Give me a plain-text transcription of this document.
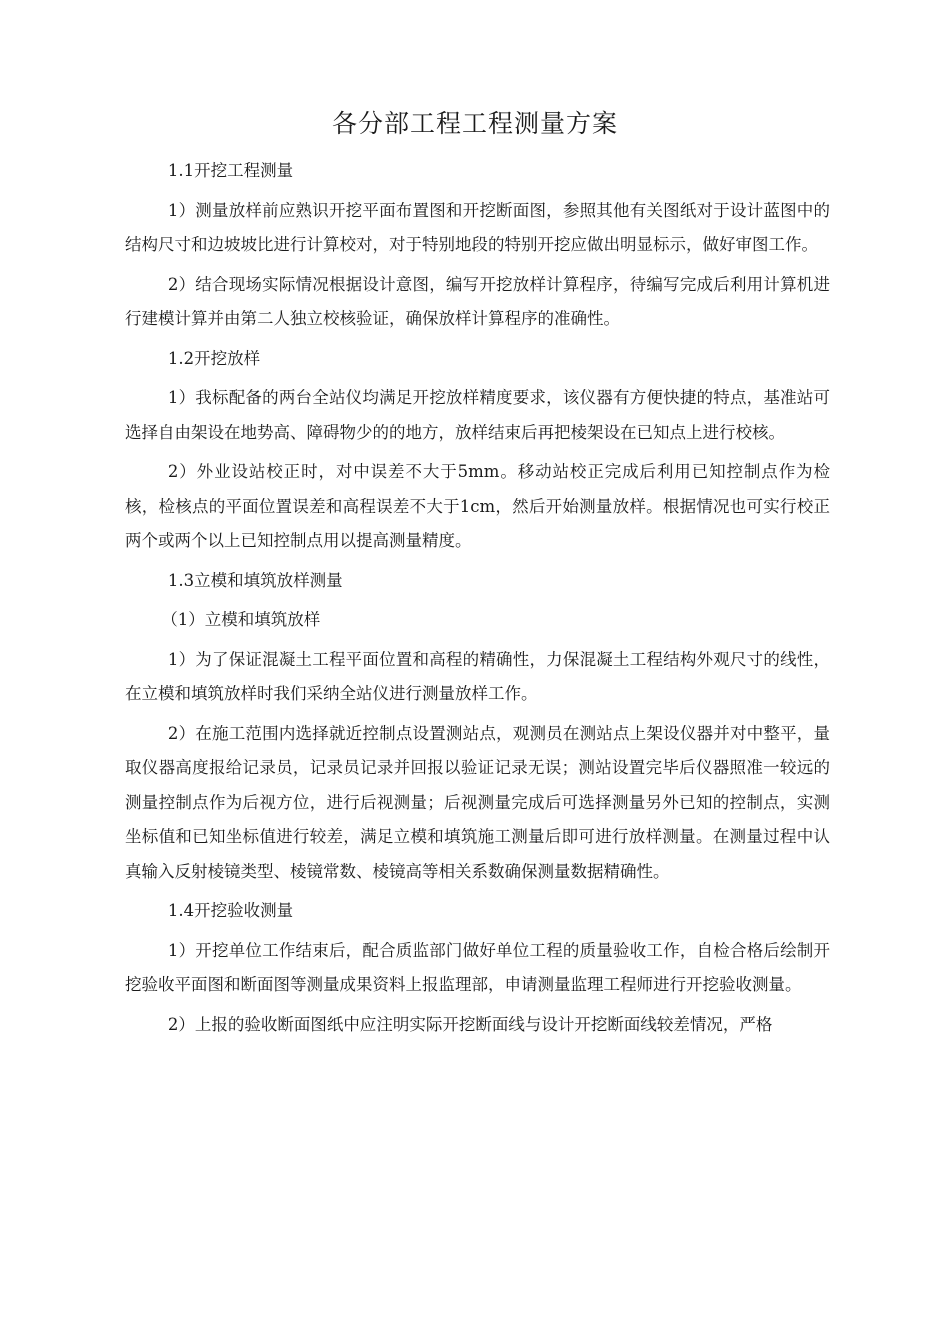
各分部工程工程测量方案

1.1开挖工程测量

1）测量放样前应熟识开挖平面布置图和开挖断面图，参照其他有关图纸对于设计蓝图中的结构尺寸和边坡坡比进行计算校对，对于特别地段的特别开挖应做出明显标示，做好审图工作。

2）结合现场实际情况根据设计意图，编写开挖放样计算程序，待编写完成后利用计算机进行建模计算并由第二人独立校核验证，确保放样计算程序的准确性。

1.2开挖放样

1）我标配备的两台全站仪均满足开挖放样精度要求，该仪器有方便快捷的特点，基准站可选择自由架设在地势高、障碍物少的的地方，放样结束后再把棱架设在已知点上进行校核。

2）外业设站校正时，对中误差不大于5mm。移动站校正完成后利用已知控制点作为检核，检核点的平面位置误差和高程误差不大于1cm，然后开始测量放样。根据情况也可实行校正两个或两个以上已知控制点用以提高测量精度。

1.3立模和填筑放样测量

（1）立模和填筑放样

1）为了保证混凝土工程平面位置和高程的精确性，力保混凝土工程结构外观尺寸的线性，在立模和填筑放样时我们采纳全站仪进行测量放样工作。

2）在施工范围内选择就近控制点设置测站点，观测员在测站点上架设仪器并对中整平，量取仪器高度报给记录员，记录员记录并回报以验证记录无误；测站设置完毕后仪器照准一较远的测量控制点作为后视方位，进行后视测量；后视测量完成后可选择测量另外已知的控制点，实测坐标值和已知坐标值进行较差，满足立模和填筑施工测量后即可进行放样测量。在测量过程中认真输入反射棱镜类型、棱镜常数、棱镜高等相关系数确保测量数据精确性。

1.4开挖验收测量

1）开挖单位工作结束后，配合质监部门做好单位工程的质量验收工作，自检合格后绘制开挖验收平面图和断面图等测量成果资料上报监理部，申请测量监理工程师进行开挖验收测量。

2）上报的验收断面图纸中应注明实际开挖断面线与设计开挖断面线较差情况，严格
